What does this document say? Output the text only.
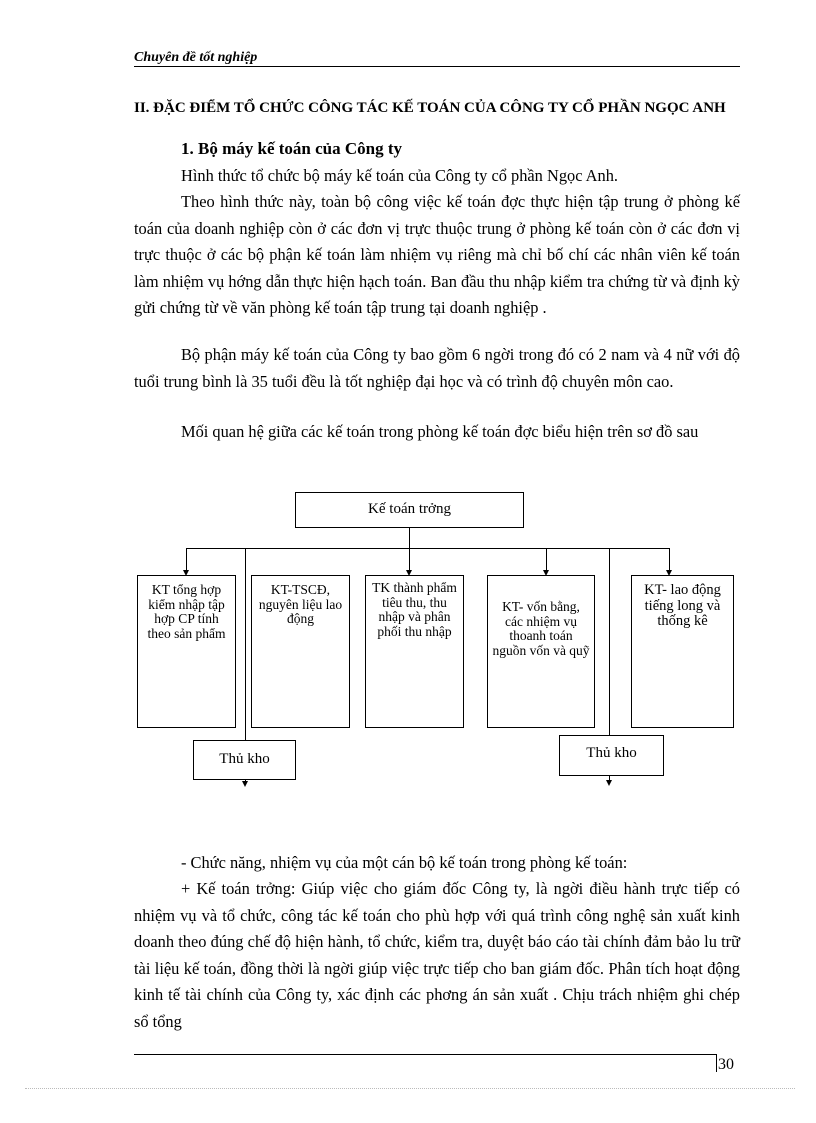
Chuyên đề tốt nghiệp
II. ĐẶC ĐIỂM TỔ CHỨC CÔNG TÁC KẾ TOÁN CỦA CÔNG TY CỔ PHẦN NGỌC ANH
1. Bộ máy kế toán của Công ty
Hình thức tổ chức bộ máy kế toán của Công ty cổ phần Ngọc Anh.
Theo hình thức này, toàn bộ công việc kế toán đợc thực hiện tập trung ở phòng kế toán của doanh nghiệp còn ở các đơn vị trực thuộc trung ở phòng kế toán còn ở các đơn vị trực thuộc ở các bộ phận kế toán làm nhiệm vụ riêng mà chỉ bố chí các nhân viên kế toán làm nhiệm vụ hớng dẫn thực hiện hạch toán. Ban đầu thu nhập kiểm tra chứng từ và định kỳ gửi chứng từ về văn phòng kế toán tập trung tại doanh nghiệp .
Bộ phận máy kế toán của Công ty bao gồm 6 ngời trong đó có 2 nam và 4 nữ với độ tuổi trung bình là 35 tuổi đều là tốt nghiệp đại học và có trình độ chuyên môn cao.
Mối quan hệ giữa các kế toán trong phòng kế toán đợc biểu hiện trên sơ đồ sau
Kế toán trởng
KT tổng hợp kiểm nhập tập hợp CP tính theo sản phẩm
KT-TSCĐ, nguyên liệu lao động
TK thành phẩm tiêu thu, thu nhập và phân phối thu nhập
KT- vốn bằng, các nhiệm vụ thoanh toán nguồn vốn và quỹ
KT- lao động tiếng long và thống kê
Thủ kho	Thủ kho
- Chức năng, nhiệm vụ của một cán bộ kế toán trong phòng kế toán:
+ Kế toán trởng: Giúp việc cho giám đốc Công ty, là ngời điều hành trực tiếp có nhiệm vụ và tổ chức, công tác kế toán cho phù hợp với quá trình công nghệ sản xuất kinh doanh theo đúng chế độ hiện hành, tổ chức, kiểm tra, duyệt báo cáo tài chính đảm bảo lu trữ tài liệu kế toán, đồng thời là ngời giúp việc trực tiếp cho ban giám đốc. Phân tích hoạt động kinh tế tài chính của Công ty, xác định các phơng án sản xuất . Chịu trách nhiệm ghi chép sổ tổng
30
